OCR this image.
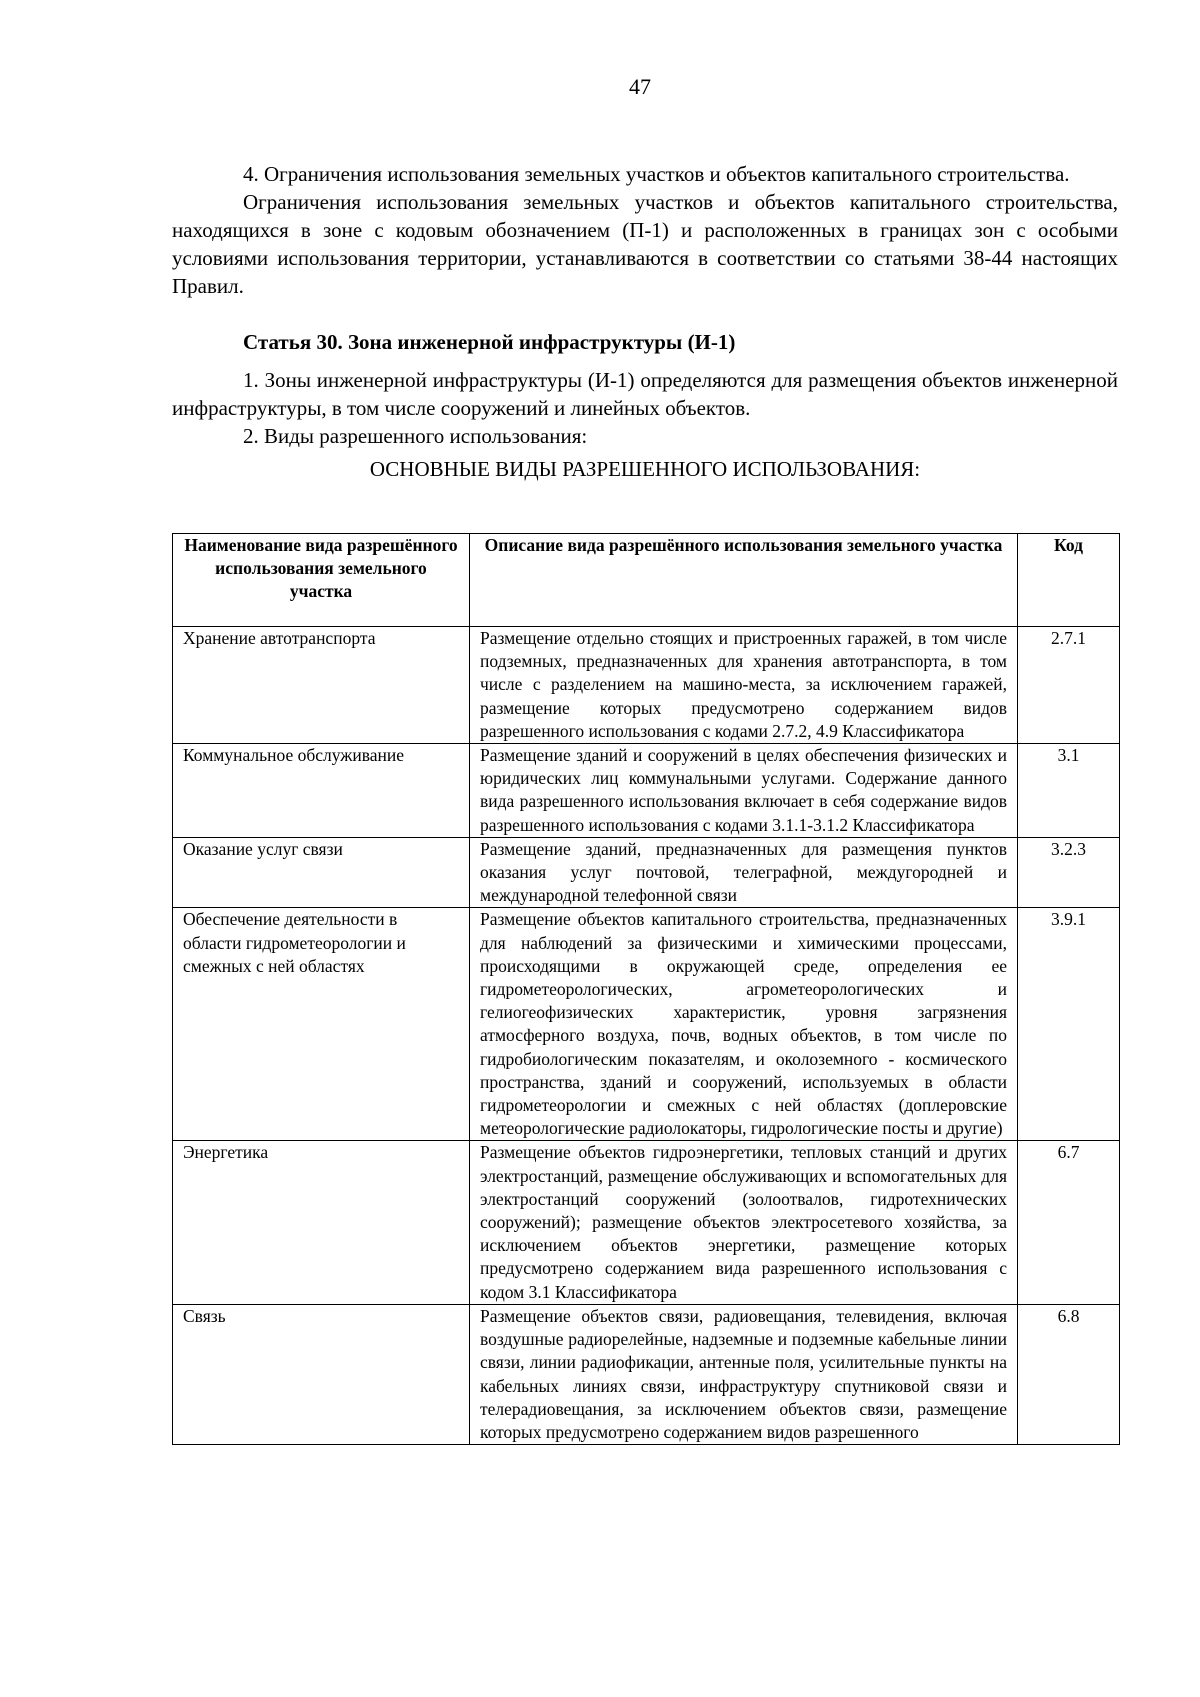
47

4. Ограничения использования земельных участков и объектов капитального строительства.

Ограничения использования земельных участков и объектов капитального строительства, находящихся в зоне с кодовым обозначением (П-1) и расположенных в границах зон с особыми условиями использования территории, устанавливаются в соответствии со статьями 38-44 настоящих Правил.

Статья 30. Зона инженерной инфраструктуры (И-1)

1. Зоны инженерной инфраструктуры (И-1) определяются для размещения объектов инженерной инфраструктуры, в том числе сооружений и линейных объектов.

2. Виды разрешенного использования:

ОСНОВНЫЕ ВИДЫ РАЗРЕШЕННОГО ИСПОЛЬЗОВАНИЯ:

Наименование вида разрешённого использования земельного участка	Описание вида разрешённого использования земельного участка	Код
Хранение автотранспорта	Размещение отдельно стоящих и пристроенных гаражей, в том числе подземных, предназначенных для хранения автотранспорта, в том числе с разделением на машино-места, за исключением гаражей, размещение которых предусмотрено содержанием видов разрешенного использования с кодами 2.7.2, 4.9 Классификатора	2.7.1
Коммунальное обслуживание	Размещение зданий и сооружений в целях обеспечения физических и юридических лиц коммунальными услугами. Содержание данного вида разрешенного использования включает в себя содержание видов разрешенного использования с кодами 3.1.1-3.1.2 Классификатора	3.1
Оказание услуг связи	Размещение зданий, предназначенных для размещения пунктов оказания услуг почтовой, телеграфной, междугородней и международной телефонной связи	3.2.3
Обеспечение деятельности в области гидрометеорологии и смежных с ней областях	Размещение объектов капитального строительства, предназначенных для наблюдений за физическими и химическими процессами, происходящими в окружающей среде, определения ее гидрометеорологических, агрометеорологических и гелиогеофизических характеристик, уровня загрязнения атмосферного воздуха, почв, водных объектов, в том числе по гидробиологическим показателям, и околоземного - космического пространства, зданий и сооружений, используемых в области гидрометеорологии и смежных с ней областях (доплеровские метеорологические радиолокаторы, гидрологические посты и другие)	3.9.1
Энергетика	Размещение объектов гидроэнергетики, тепловых станций и других электростанций, размещение обслуживающих и вспомогательных для электростанций сооружений (золоотвалов, гидротехнических сооружений); размещение объектов электросетевого хозяйства, за исключением объектов энергетики, размещение которых предусмотрено содержанием вида разрешенного использования с кодом 3.1 Классификатора	6.7
Связь	Размещение объектов связи, радиовещания, телевидения, включая воздушные радиорелейные, надземные и подземные кабельные линии связи, линии радиофикации, антенные поля, усилительные пункты на кабельных линиях связи, инфраструктуру спутниковой связи и телерадиовещания, за исключением объектов связи, размещение которых предусмотрено содержанием видов разрешенного	6.8
